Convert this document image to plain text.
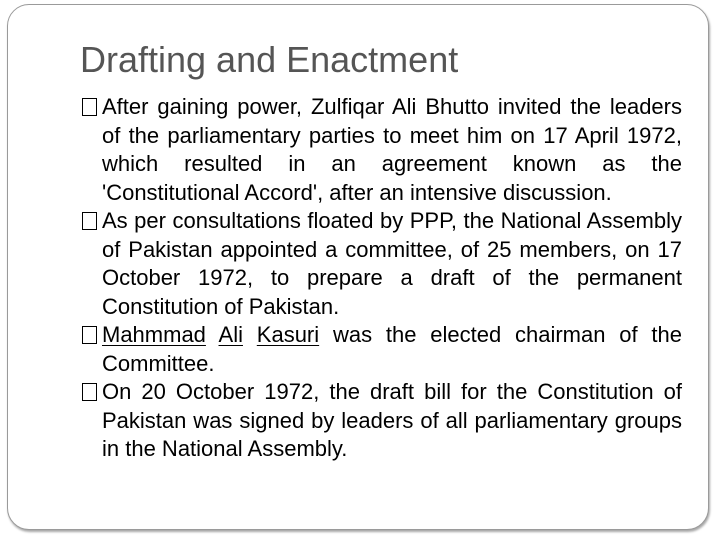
Drafting and Enactment
After gaining power, Zulfiqar Ali Bhutto invited the leaders of the parliamentary parties to meet him on 17 April 1972, which resulted in an agreement known as the 'Constitutional Accord', after an intensive discussion.
As per consultations floated by PPP, the National Assembly of Pakistan appointed a committee, of 25 members, on 17 October 1972, to prepare a draft of the permanent Constitution of Pakistan.
Mahmmad Ali Kasuri was the elected chairman of the Committee.
On 20 October 1972, the draft bill for the Constitution of Pakistan was signed by leaders of all parliamentary groups in the National Assembly.
